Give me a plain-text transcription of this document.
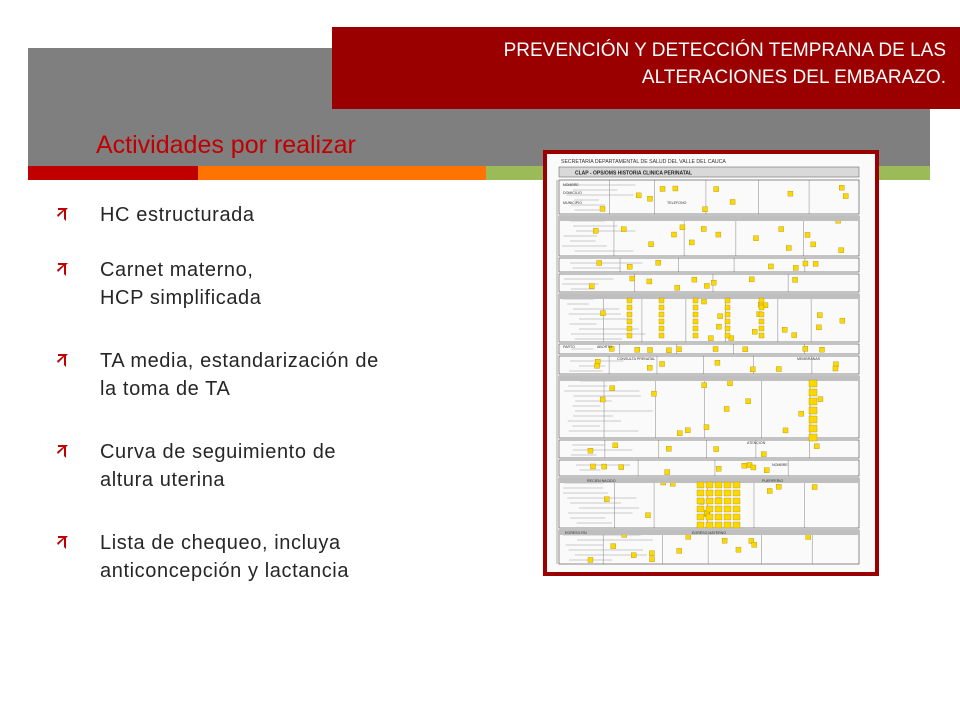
PREVENCIÓN Y DETECCIÓN TEMPRANA DE LAS
ALTERACIONES DEL EMBARAZO.
Actividades por realizar
HC estructurada
Carnet materno,
HCP simplificada
TA media, estandarización de
la toma de TA
Curva de seguimiento de
altura uterina
Lista de chequeo, incluya
anticoncepción y lactancia
SECRETARIA DEPARTAMENTAL DE SALUD DEL VALLE DEL CAUCA
CLAP - OPS/OMS HISTORIA CLINICA PERINATAL
NOMBRE
DOMICILIO
MUNICIPIO	TELEFONO
PARTO	ABORTO
CONSULTA PRENATAL	MEMBRANAS
ATENCION
NOMBRE
RECIEN NACIDO	PUERPERIO
EGRESO RN	EGRESO MATERNO
